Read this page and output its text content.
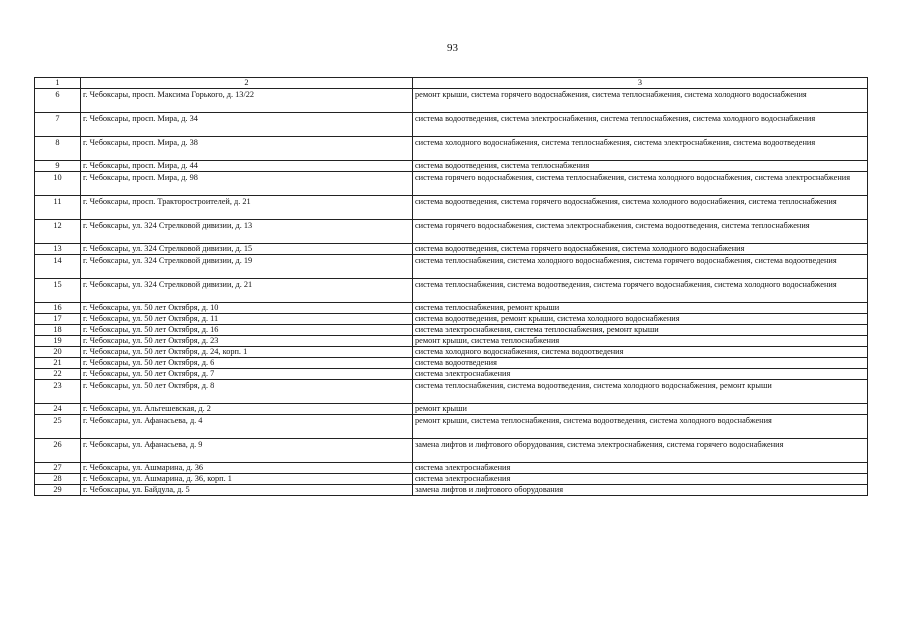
93
1	2	3
6	г. Чебоксары, просп. Максима Горького, д. 13/22	ремонт крыши, система горячего водоснабжения, система теплоснабжения, система холодного водоснабжения
7	г. Чебоксары, просп. Мира, д. 34	система водоотведения, система электроснабжения, система теплоснабжения, система холодного водоснабжения
8	г. Чебоксары, просп. Мира, д. 38	система холодного водоснабжения, система теплоснабжения, система электроснабжения, система водоотведения
9	г. Чебоксары, просп. Мира, д. 44	система водоотведения, система теплоснабжения
10	г. Чебоксары, просп. Мира, д. 98	система горячего водоснабжения, система теплоснабжения, система холодного водоснабжения, система электроснабжения
11	г. Чебоксары, просп. Тракторостроителей, д. 21	система водоотведения, система горячего водоснабжения, система холодного водоснабжения, система теплоснабжения
12	г. Чебоксары, ул. 324 Стрелковой дивизии, д. 13	система горячего водоснабжения, система электроснабжения, система водоотведения, система теплоснабжения
13	г. Чебоксары, ул. 324 Стрелковой дивизии, д. 15	система водоотведения, система горячего водоснабжения, система холодного водоснабжения
14	г. Чебоксары, ул. 324 Стрелковой дивизии, д. 19	система теплоснабжения, система холодного водоснабжения, система горячего водоснабжения, система водоотведения
15	г. Чебоксары, ул. 324 Стрелковой дивизии, д. 21	система теплоснабжения, система водоотведения, система горячего водоснабжения, система холодного водоснабжения
16	г. Чебоксары, ул. 50 лет Октября, д. 10	система теплоснабжения, ремонт крыши
17	г. Чебоксары, ул. 50 лет Октября, д. 11	система водоотведения, ремонт крыши, система холодного водоснабжения
18	г. Чебоксары, ул. 50 лет Октября, д. 16	система электроснабжения, система теплоснабжения, ремонт крыши
19	г. Чебоксары, ул. 50 лет Октября, д. 23	ремонт крыши, система теплоснабжения
20	г. Чебоксары, ул. 50 лет Октября, д. 24, корп. 1	система холодного водоснабжения, система водоотведения
21	г. Чебоксары, ул. 50 лет Октября, д. 6	система водоотведения
22	г. Чебоксары, ул. 50 лет Октября, д. 7	система электроснабжения
23	г. Чебоксары, ул. 50 лет Октября, д. 8	система теплоснабжения, система водоотведения, система холодного водоснабжения, ремонт крыши
24	г. Чебоксары, ул. Альгешевская, д. 2	ремонт крыши
25	г. Чебоксары, ул. Афанасьева, д. 4	ремонт крыши, система теплоснабжения, система водоотведения, система холодного водоснабжения
26	г. Чебоксары, ул. Афанасьева, д. 9	замена лифтов и лифтового оборудования, система электроснабжения, система горячего водоснабжения
27	г. Чебоксары, ул. Ашмарина, д. 36	система электроснабжения
28	г. Чебоксары, ул. Ашмарина, д. 36, корп. 1	система электроснабжения
29	г. Чебоксары, ул. Байдула, д. 5	замена лифтов и лифтового оборудования
